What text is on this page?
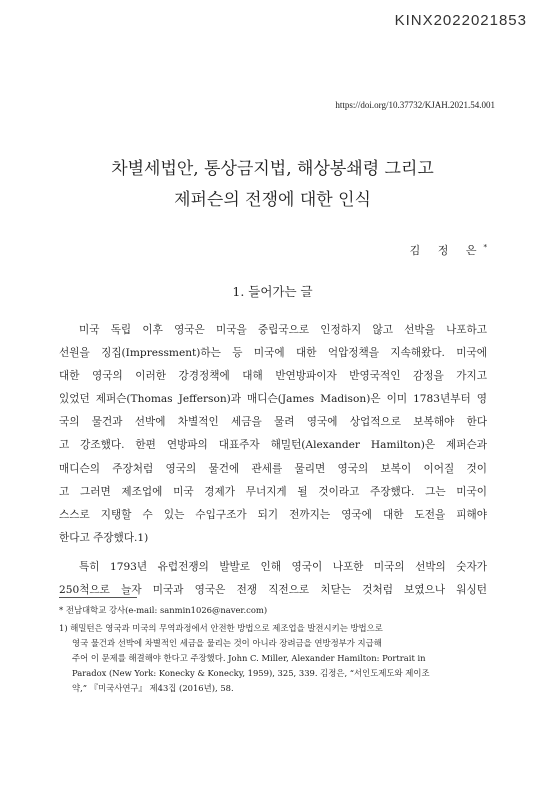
KINX2022021853
https://doi.org/10.37732/KJAH.2021.54.001
차별세법안, 통상금지법, 해상봉쇄령 그리고
제퍼슨의 전쟁에 대한 인식
김 정 은*
1. 들어가는 글
미국 독립 이후 영국은 미국을 중립국으로 인정하지 않고 선박을 나포하고
선원을 징집(Impressment)하는 등 미국에 대한 억압정책을 지속해왔다. 미국에
대한 영국의 이러한 강경정책에 대해 반연방파이자 반영국적인 감정을 가지고
있었던 제퍼슨(Thomas Jefferson)과 매디슨(James Madison)은 이미 1783년부터 영
국의 물건과 선박에 차별적인 세금을 물려 영국에 상업적으로 보복해야 한다
고 강조했다. 한편 연방파의 대표주자 해밀턴(Alexander Hamilton)은 제퍼슨과
매디슨의 주장처럼 영국의 물건에 관세를 물리면 영국의 보복이 이어질 것이
고 그러면 제조업에 미국 경제가 무너지게 될 것이라고 주장했다. 그는 미국이
스스로 지탱할 수 있는 수입구조가 되기 전까지는 영국에 대한 도전을 피해야
한다고 주장했다.1)
특히 1793년 유럽전쟁의 발발로 인해 영국이 나포한 미국의 선박의 숫자가
250척으로 늘자 미국과 영국은 전쟁 직전으로 치닫는 것처럼 보였으나 워싱턴
* 전남대학교 강사(e-mail: sanmin1026@naver.com)
1) 해밀턴은 영국과 미국의 무역과정에서 안전한 방법으로 제조업을 발전시키는 방법으로
영국 물건과 선박에 차별적인 세금을 물리는 것이 아니라 장려금을 연방정부가 지급해
주어 이 문제를 해결해야 한다고 주장했다. John C. Miller, Alexander Hamilton: Portrait in
Paradox (New York: Konecky & Konecky, 1959), 325, 339. 김정은, “서인도제도와 제이조
약,” 『미국사연구』 제43집 (2016년), 58.
